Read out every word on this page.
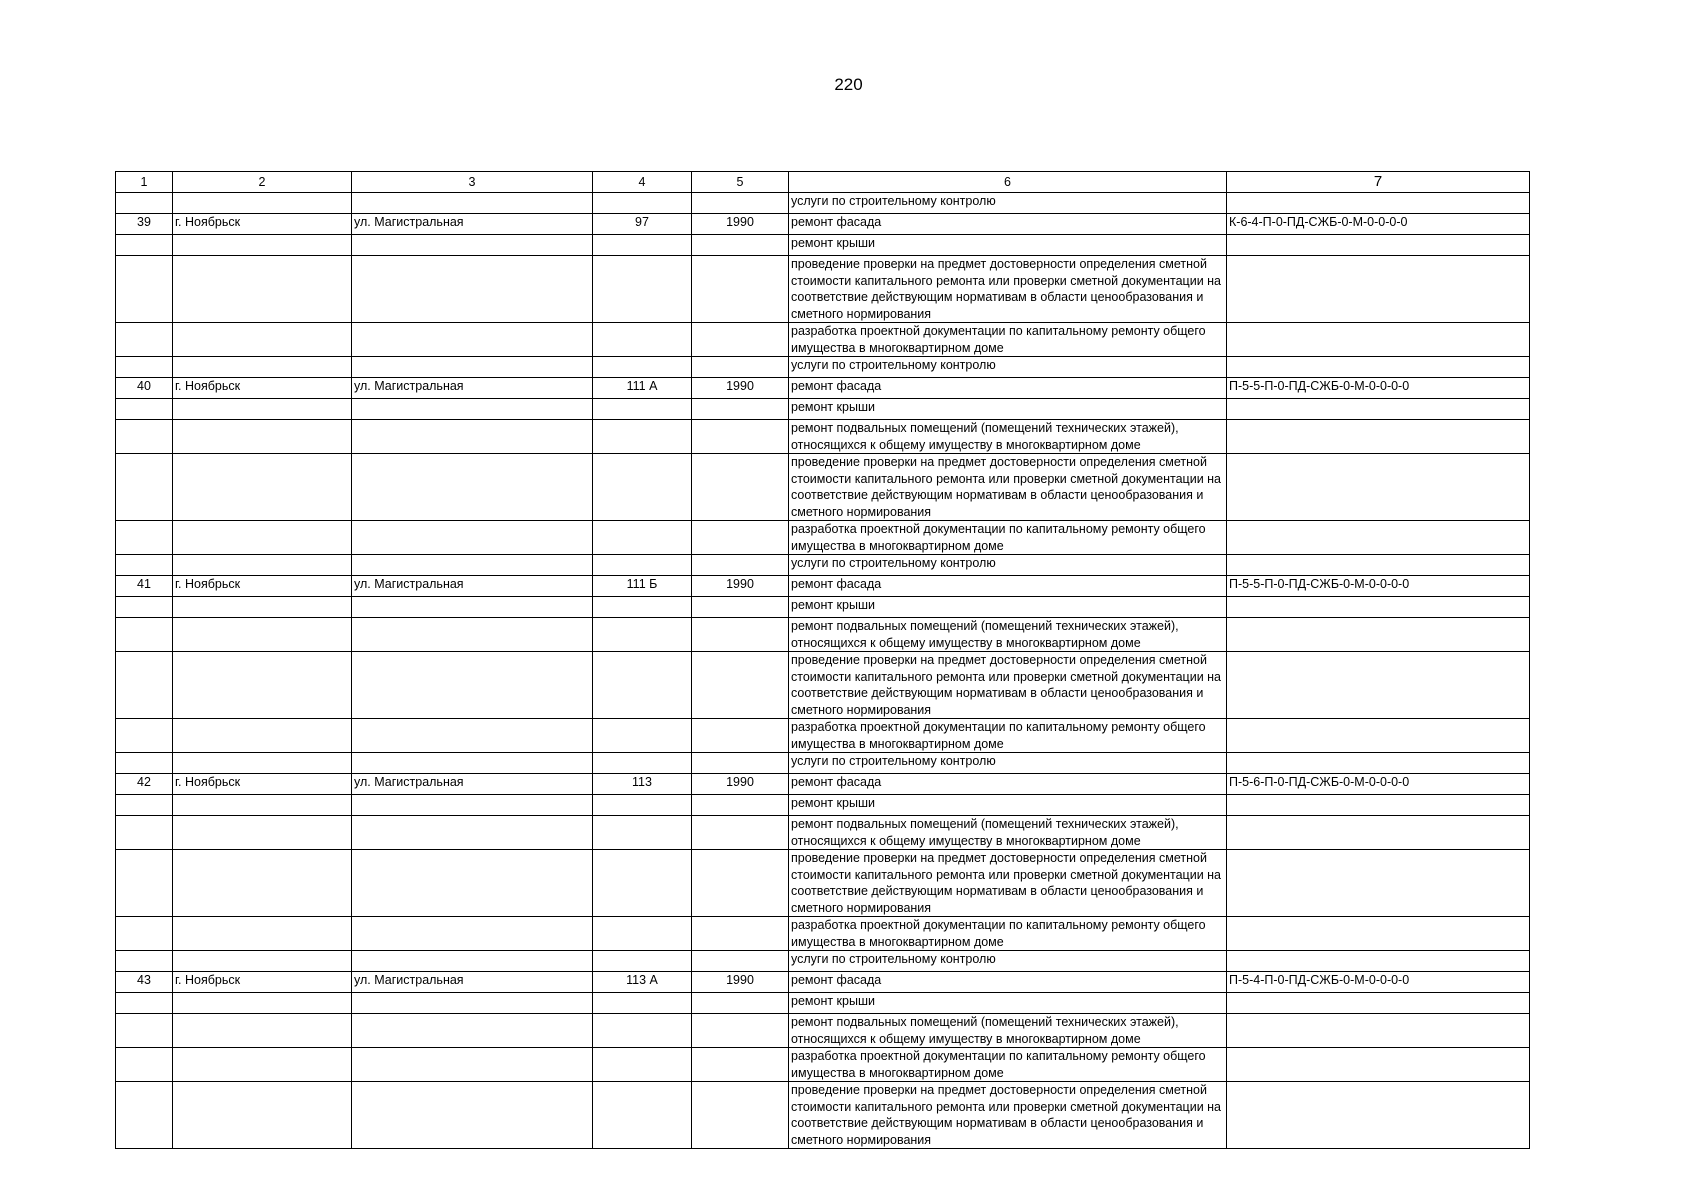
220
1	2	3	4	5	6	7
					услуги по строительному контролю	
39	г. Ноябрьск	ул. Магистральная	97	1990	ремонт фасада	К-6-4-П-0-ПД-СЖБ-0-М-0-0-0-0
					ремонт крыши	
					проведение проверки на предмет достоверности определения сметной стоимости капитального ремонта или проверки сметной документации на соответствие действующим нормативам в области ценообразования и сметного нормирования	
					разработка проектной документации по капитальному ремонту общего имущества в многоквартирном доме	
					услуги по строительному контролю	
40	г. Ноябрьск	ул. Магистральная	111 А	1990	ремонт фасада	П-5-5-П-0-ПД-СЖБ-0-М-0-0-0-0
					ремонт крыши	
					ремонт подвальных помещений (помещений технических этажей), относящихся к общему имуществу в многоквартирном доме	
					проведение проверки на предмет достоверности определения сметной стоимости капитального ремонта или проверки сметной документации на соответствие действующим нормативам в области ценообразования и сметного нормирования	
					разработка проектной документации по капитальному ремонту общего имущества в многоквартирном доме	
					услуги по строительному контролю	
41	г. Ноябрьск	ул. Магистральная	111 Б	1990	ремонт фасада	П-5-5-П-0-ПД-СЖБ-0-М-0-0-0-0
					ремонт крыши	
					ремонт подвальных помещений (помещений технических этажей), относящихся к общему имуществу в многоквартирном доме	
					проведение проверки на предмет достоверности определения сметной стоимости капитального ремонта или проверки сметной документации на соответствие действующим нормативам в области ценообразования и сметного нормирования	
					разработка проектной документации по капитальному ремонту общего имущества в многоквартирном доме	
					услуги по строительному контролю	
42	г. Ноябрьск	ул. Магистральная	113	1990	ремонт фасада	П-5-6-П-0-ПД-СЖБ-0-М-0-0-0-0
					ремонт крыши	
					ремонт подвальных помещений (помещений технических этажей), относящихся к общему имуществу в многоквартирном доме	
					проведение проверки на предмет достоверности определения сметной стоимости капитального ремонта или проверки сметной документации на соответствие действующим нормативам в области ценообразования и сметного нормирования	
					разработка проектной документации по капитальному ремонту общего имущества в многоквартирном доме	
					услуги по строительному контролю	
43	г. Ноябрьск	ул. Магистральная	113 А	1990	ремонт фасада	П-5-4-П-0-ПД-СЖБ-0-М-0-0-0-0
					ремонт крыши	
					ремонт подвальных помещений (помещений технических этажей), относящихся к общему имуществу в многоквартирном доме	
					разработка проектной документации по капитальному ремонту общего имущества в многоквартирном доме	
					проведение проверки на предмет достоверности определения сметной стоимости капитального ремонта или проверки сметной документации на соответствие действующим нормативам в области ценообразования и сметного нормирования	
